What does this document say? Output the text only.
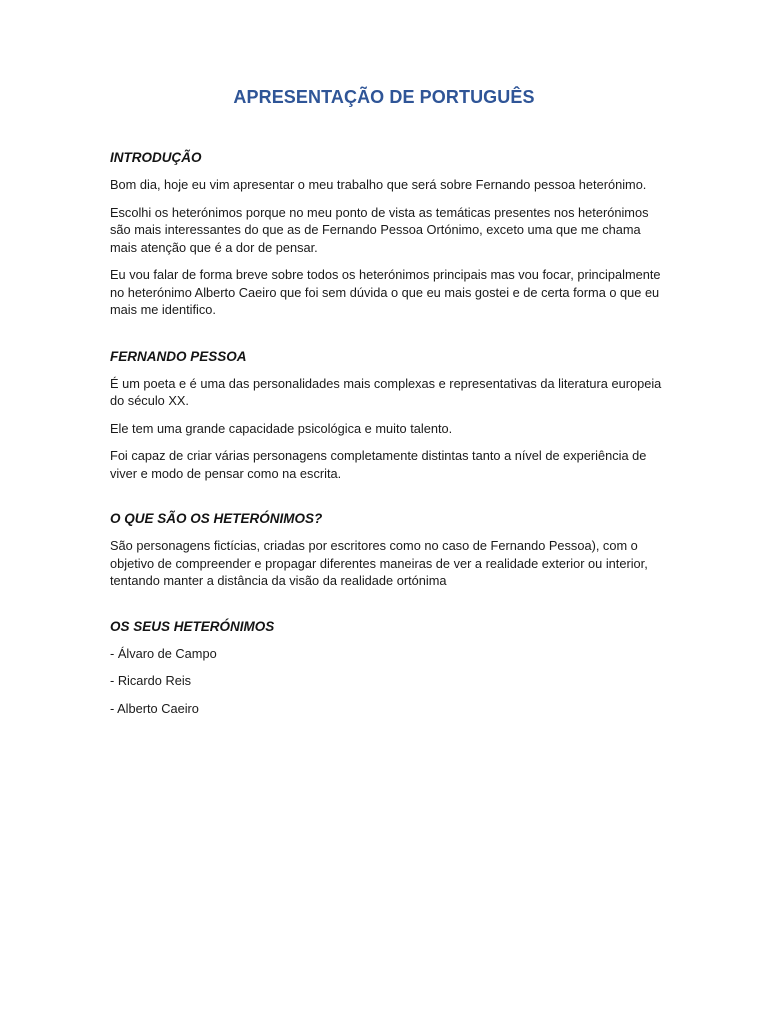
APRESENTAÇÃO DE PORTUGUÊS
INTRODUÇÃO

Bom dia, hoje eu vim apresentar o meu trabalho que será sobre Fernando pessoa heterónimo.

Escolhi os heterónimos porque no meu ponto de vista as temáticas presentes nos heterónimos são mais interessantes do que as de Fernando Pessoa Ortónimo, exceto uma que me chama mais atenção que é a dor de pensar.

Eu vou falar de forma breve sobre todos os heterónimos principais mas vou focar, principalmente no heterónimo Alberto Caeiro que foi sem dúvida o que eu mais gostei e de certa forma o que eu mais me identifico.

FERNANDO PESSOA

É um poeta e é uma das personalidades mais complexas e representativas da literatura europeia do século XX.

Ele tem uma grande capacidade psicológica e muito talento.

Foi capaz de criar várias personagens completamente distintas tanto a nível de experiência de viver e modo de pensar como na escrita.

O QUE SÃO OS HETERÓNIMOS?

São personagens fictícias, criadas por escritores como no caso de Fernando Pessoa), com o objetivo de compreender e propagar diferentes maneiras de ver a realidade exterior ou interior, tentando manter a distância da visão da realidade ortónima

OS SEUS HETERÓNIMOS

- Álvaro de Campo

- Ricardo Reis

- Alberto Caeiro
